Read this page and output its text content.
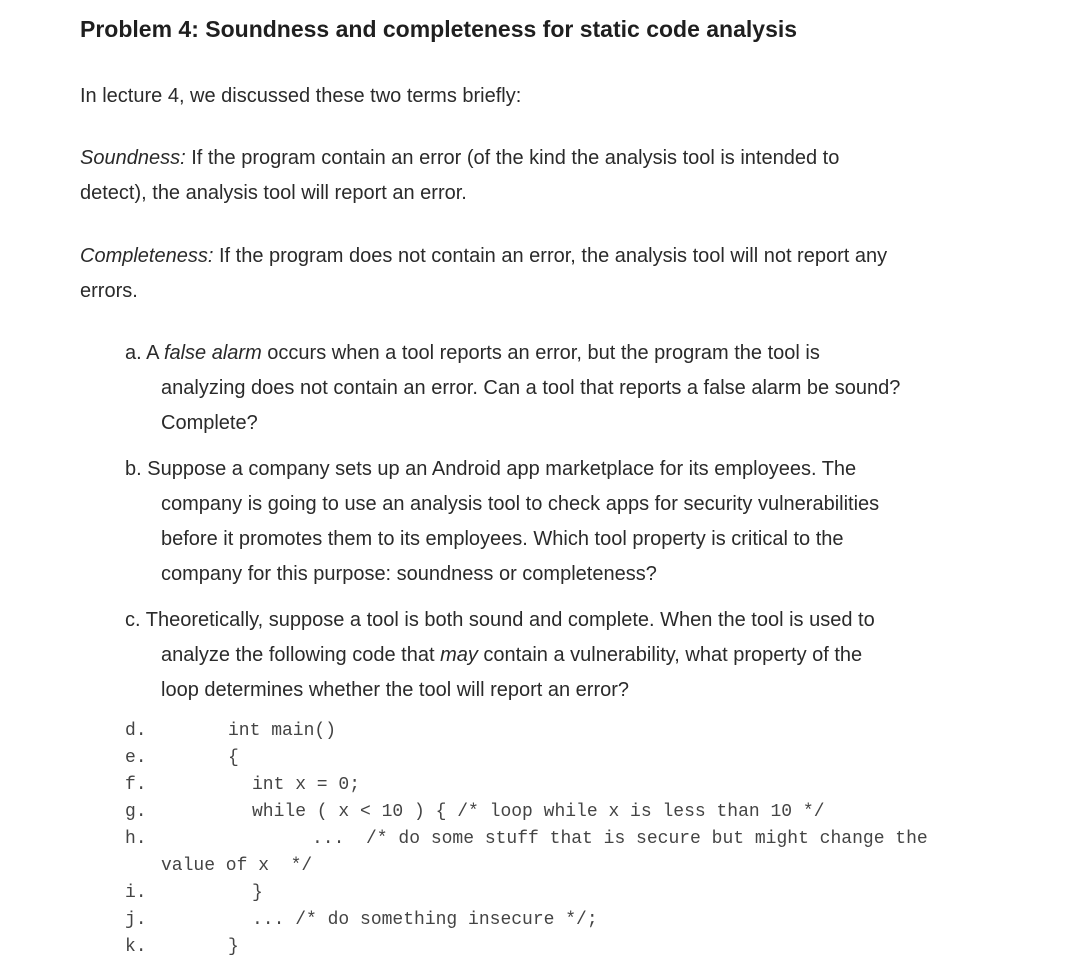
Problem 4: Soundness and completeness for static code analysis
In lecture 4, we discussed these two terms briefly:
Soundness: If the program contain an error (of the kind the analysis tool is intended to
detect), the analysis tool will report an error.
Completeness: If the program does not contain an error, the analysis tool will not report any
errors.
a. A false alarm occurs when a tool reports an error, but the program the tool is
analyzing does not contain an error. Can a tool that reports a false alarm be sound?
Complete?
b. Suppose a company sets up an Android app marketplace for its employees. The
company is going to use an analysis tool to check apps for security vulnerabilities
before it promotes them to its employees. Which tool property is critical to the
company for this purpose: soundness or completeness?
c. Theoretically, suppose a tool is both sound and complete. When the tool is used to
analyze the following code that may contain a vulnerability, what property of the
loop determines whether the tool will report an error?
d.
e.
f.
g.
h.
i.
j.
k.
int main()
{
int x = 0;
while ( x < 10 ) { /* loop while x is less than 10 */
...  /* do some stuff that is secure but might change the
value of x  */
}
... /* do something insecure */;
}
